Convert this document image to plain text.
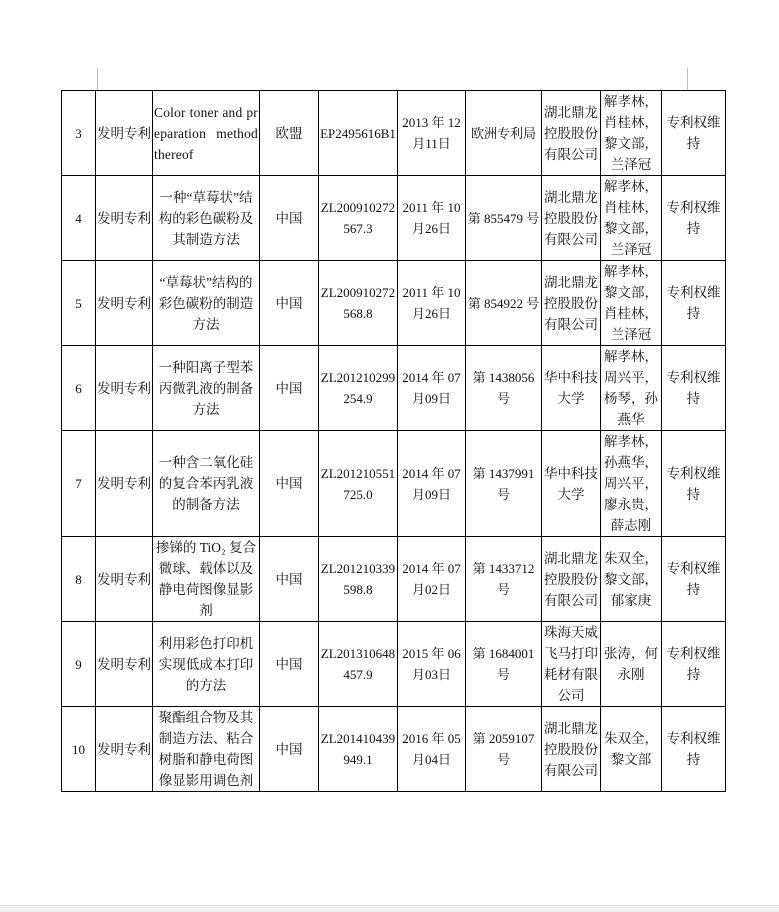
3	发明专利	Color toner and preparation method thereof	欧盟	EP2495616B1	2013 年 12 月11日	欧洲专利局	湖北鼎龙控股股份有限公司	解孝林，肖桂林，黎文部，兰泽冠	专利权维持
4	发明专利	一种“草莓状”结构的彩色碳粉及其制造方法	中国	ZL200910272567.3	2011 年 10 月26日	第 855479 号	湖北鼎龙控股股份有限公司	解孝林，肖桂林，黎文部，兰泽冠	专利权维持
5	发明专利	“草莓状”结构的彩色碳粉的制造方法	中国	ZL200910272568.8	2011 年 10 月26日	第 854922 号	湖北鼎龙控股股份有限公司	解孝林，黎文部，肖桂林，兰泽冠	专利权维持
6	发明专利	一种阳离子型苯丙微乳液的制备方法	中国	ZL201210299254.9	2014 年 07 月09日	第 1438056 号	华中科技大学	解孝林，周兴平，杨琴，孙燕华	专利权维持
7	发明专利	一种含二氧化硅的复合苯丙乳液的制备方法	中国	ZL201210551725.0	2014 年 07 月09日	第 1437991 号	华中科技大学	解孝林，孙燕华，周兴平，廖永贵，薛志刚	专利权维持
8	发明专利	掺锑的 TiO₂ 复合微球、载体以及静电荷图像显影剂	中国	ZL201210339598.8	2014 年 07 月02日	第 1433712 号	湖北鼎龙控股股份有限公司	朱双全，黎文部，郁家庚	专利权维持
9	发明专利	利用彩色打印机实现低成本打印的方法	中国	ZL201310648457.9	2015 年 06 月03日	第 1684001 号	珠海天威飞马打印耗材有限公司	张涛，何永刚	专利权维持
10	发明专利	聚酯组合物及其制造方法、粘合树脂和静电荷图像显影用调色剂	中国	ZL201410439949.1	2016 年 05 月04日	第 2059107 号	湖北鼎龙控股股份有限公司	朱双全，黎文部	专利权维持
